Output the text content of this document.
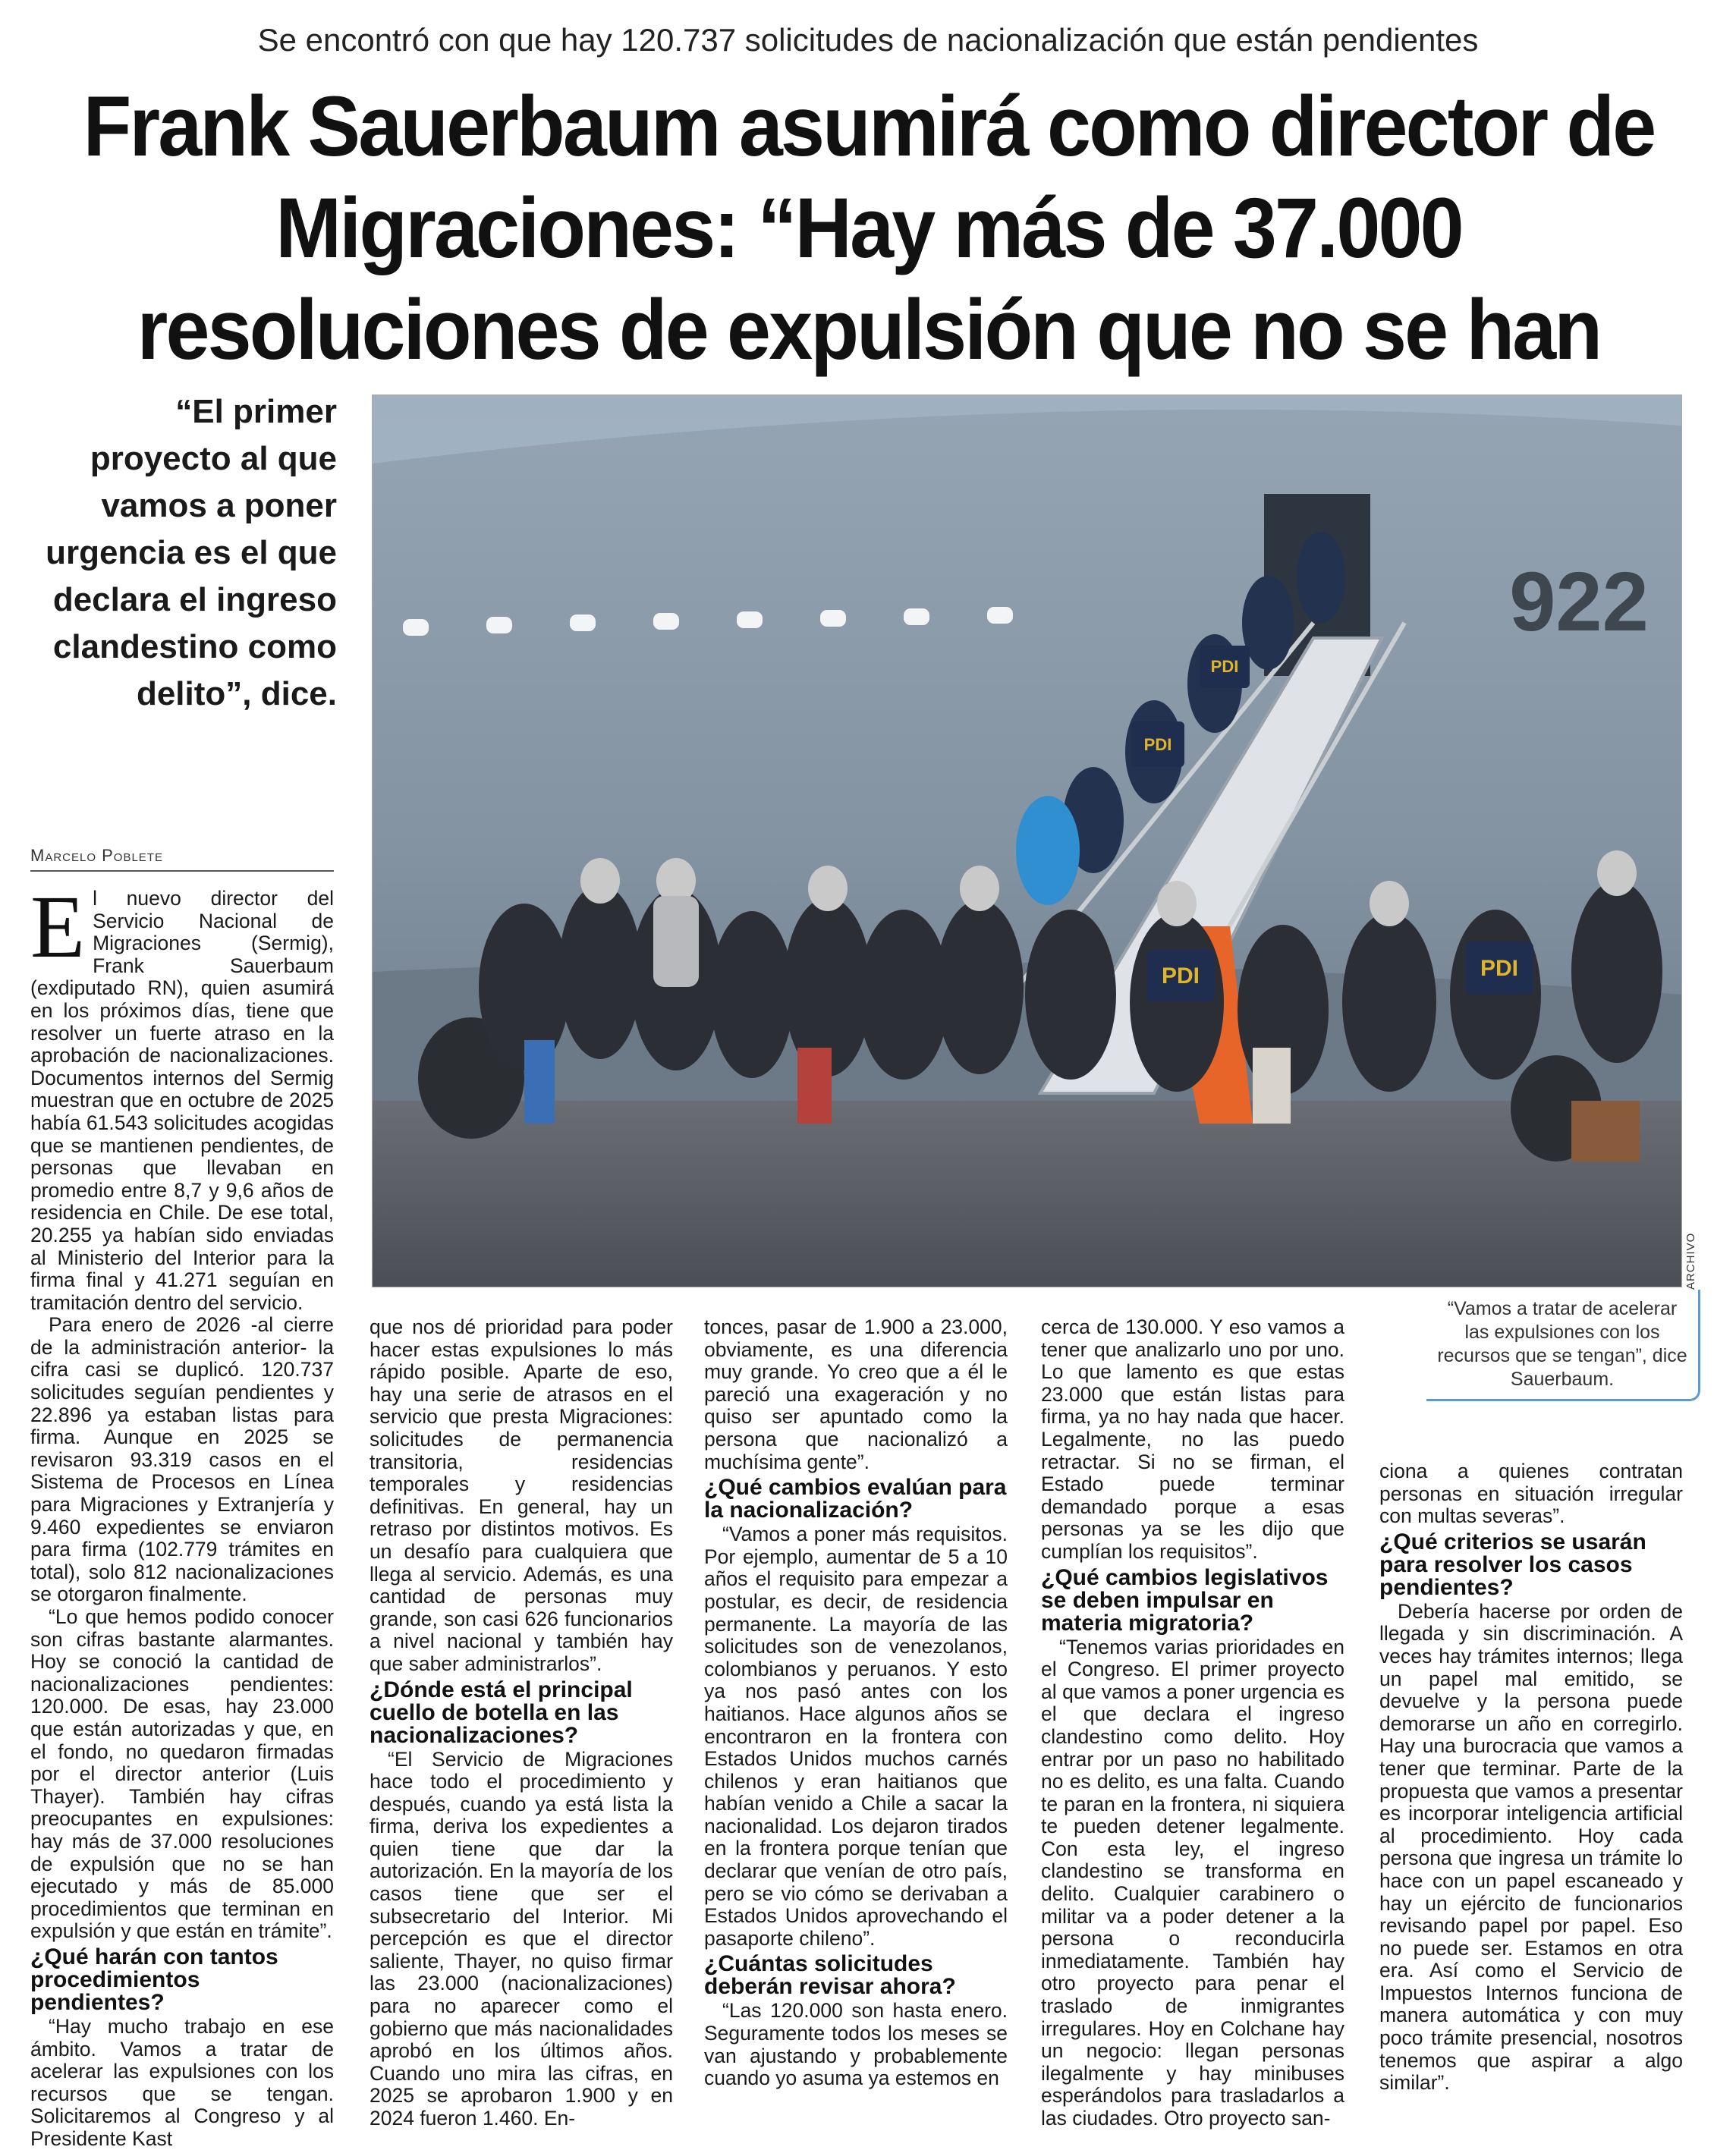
Se encontró con que hay 120.737 solicitudes de nacionalización que están pendientes
Frank Sauerbaum asumirá como director de Migraciones: “Hay más de 37.000 resoluciones de expulsión que no se han
“El primer proyecto al que vamos a poner urgencia es el que declara el ingreso clandestino como delito”, dice.
922
PDI	PDI
PDI
PDI
ARCHIVO
“Vamos a tratar de acelerar las expulsiones con los recursos que se tengan”, dice Sauerbaum.
Marcelo Poblete

El nuevo director del Servicio Nacional de Migraciones (Sermig), Frank Sauerbaum (exdiputado RN), quien asumirá en los próximos días, tiene que resolver un fuerte atraso en la aprobación de nacionalizaciones. Documentos internos del Sermig muestran que en octubre de 2025 había 61.543 solicitudes acogidas que se mantienen pendientes, de personas que llevaban en promedio entre 8,7 y 9,6 años de residencia en Chile. De ese total, 20.255 ya habían sido enviadas al Ministerio del Interior para la firma final y 41.271 seguían en tramitación dentro del servicio.

Para enero de 2026 -al cierre de la administración anterior- la cifra casi se duplicó. 120.737 solicitudes seguían pendientes y 22.896 ya estaban listas para firma. Aunque en 2025 se revisaron 93.319 casos en el Sistema de Procesos en Línea para Migraciones y Extranjería y 9.460 expedientes se enviaron para firma (102.779 trámites en total), solo 812 nacionalizaciones se otorgaron finalmente.

“Lo que hemos podido conocer son cifras bastante alarmantes. Hoy se conoció la cantidad de nacionalizaciones pendientes: 120.000. De esas, hay 23.000 que están autorizadas y que, en el fondo, no quedaron firmadas por el director anterior (Luis Thayer). También hay cifras preocupantes en expulsiones: hay más de 37.000 resoluciones de expulsión que no se han ejecutado y más de 85.000 procedimientos que terminan en expulsión y que están en trámite”.

¿Qué harán con tantos procedimientos pendientes?

“Hay mucho trabajo en ese ámbito. Vamos a tratar de acelerar las expulsiones con los recursos que se tengan. Solicitaremos al Congreso y al Presidente Kast

que nos dé prioridad para poder hacer estas expulsiones lo más rápido posible. Aparte de eso, hay una serie de atrasos en el servicio que presta Migraciones: solicitudes de permanencia transitoria, residencias temporales y residencias definitivas. En general, hay un retraso por distintos motivos. Es un desafío para cualquiera que llega al servicio. Además, es una cantidad de personas muy grande, son casi 626 funcionarios a nivel nacional y también hay que saber administrarlos”.

¿Dónde está el principal cuello de botella en las nacionalizaciones?

“El Servicio de Migraciones hace todo el procedimiento y después, cuando ya está lista la firma, deriva los expedientes a quien tiene que dar la autorización. En la mayoría de los casos tiene que ser el subsecretario del Interior. Mi percepción es que el director saliente, Thayer, no quiso firmar las 23.000 (nacionalizaciones) para no aparecer como el gobierno que más nacionalidades aprobó en los últimos años. Cuando uno mira las cifras, en 2025 se aprobaron 1.900 y en 2024 fueron 1.460. En-

tonces, pasar de 1.900 a 23.000, obviamente, es una diferencia muy grande. Yo creo que a él le pareció una exageración y no quiso ser apuntado como la persona que nacionalizó a muchísima gente”.

¿Qué cambios evalúan para la nacionalización?

“Vamos a poner más requisitos. Por ejemplo, aumentar de 5 a 10 años el requisito para empezar a postular, es decir, de residencia permanente. La mayoría de las solicitudes son de venezolanos, colombianos y peruanos. Y esto ya nos pasó antes con los haitianos. Hace algunos años se encontraron en la frontera con Estados Unidos muchos carnés chilenos y eran haitianos que habían venido a Chile a sacar la nacionalidad. Los dejaron tirados en la frontera porque tenían que declarar que venían de otro país, pero se vio cómo se derivaban a Estados Unidos aprovechando el pasaporte chileno”.

¿Cuántas solicitudes deberán revisar ahora?

“Las 120.000 son hasta enero. Seguramente todos los meses se van ajustando y probablemente cuando yo asuma ya estemos en

cerca de 130.000. Y eso vamos a tener que analizarlo uno por uno. Lo que lamento es que estas 23.000 que están listas para firma, ya no hay nada que hacer. Legalmente, no las puedo retractar. Si no se firman, el Estado puede terminar demandado porque a esas personas ya se les dijo que cumplían los requisitos”.

¿Qué cambios legislativos se deben impulsar en materia migratoria?

“Tenemos varias prioridades en el Congreso. El primer proyecto al que vamos a poner urgencia es el que declara el ingreso clandestino como delito. Hoy entrar por un paso no habilitado no es delito, es una falta. Cuando te paran en la frontera, ni siquiera te pueden detener legalmente. Con esta ley, el ingreso clandestino se transforma en delito. Cualquier carabinero o militar va a poder detener a la persona o reconducirla inmediatamente. También hay otro proyecto para penar el traslado de inmigrantes irregulares. Hoy en Colchane hay un negocio: llegan personas ilegalmente y hay minibuses esperándolos para trasladarlos a las ciudades. Otro proyecto san-

ciona a quienes contratan personas en situación irregular con multas severas”.

¿Qué criterios se usarán para resolver los casos pendientes?

Debería hacerse por orden de llegada y sin discriminación. A veces hay trámites internos; llega un papel mal emitido, se devuelve y la persona puede demorarse un año en corregirlo. Hay una burocracia que vamos a tener que terminar. Parte de la propuesta que vamos a presentar es incorporar inteligencia artificial al procedimiento. Hoy cada persona que ingresa un trámite lo hace con un papel escaneado y hay un ejército de funcionarios revisando papel por papel. Eso no puede ser. Estamos en otra era. Así como el Servicio de Impuestos Internos funciona de manera automática y con muy poco trámite presencial, nosotros tenemos que aspirar a algo similar”.
